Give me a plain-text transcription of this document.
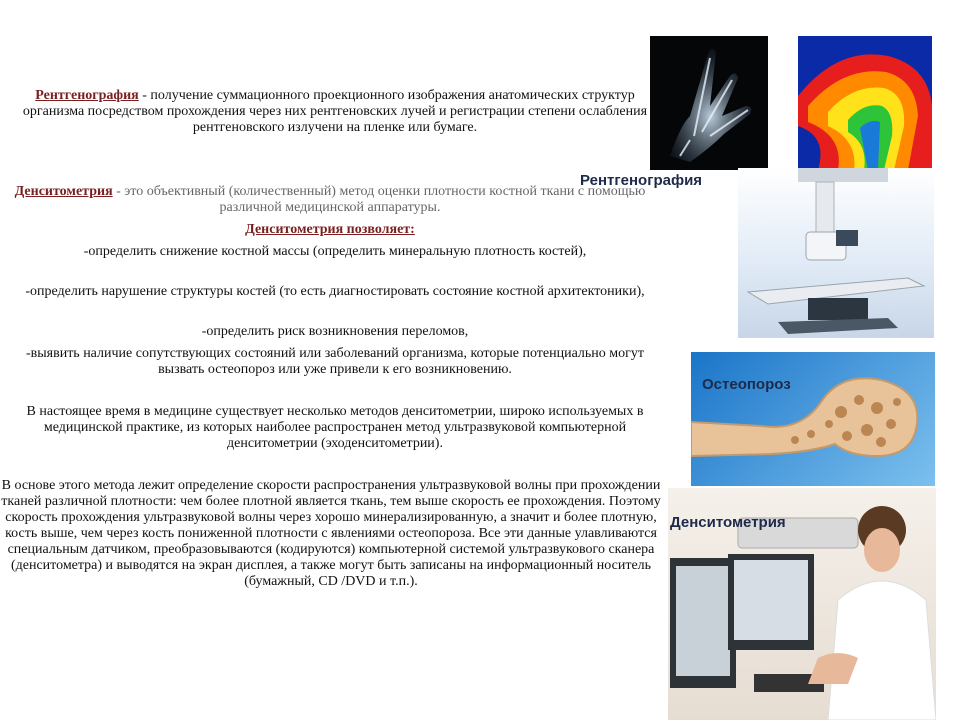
Рентгенография - получение суммационного проекционного изображения анатомических структур организма посредством прохождения через них рентгеновских лучей и регистрации степени ослабления рентгеновского излучени на пленке или бумаге.
Денситометрия - это объективный (количественный) метод оценки плотности костной ткани с помощью различной медицинской аппаратуры.
Денситометрия позволяет:
-определить снижение костной массы (определить минеральную плотность костей),
-определить нарушение структуры костей (то есть диагностировать состояние костной архитектоники),
-определить риск возникновения переломов,
-выявить наличие сопутствующих состояний или заболеваний организма, которые потенциально могут вызвать остеопороз или уже привели к его возникновению.
В настоящее время в медицине существует несколько методов денситометрии, широко используемых в медицинской практике, из которых наиболее распространен метод ультразвуковой компьютерной денситометрии (эходенситометрии).
В основе этого метода лежит определение скорости распространения ультразвуковой волны при прохождении тканей различной плотности: чем более плотной является ткань, тем выше скорость ее прохождения. Поэтому скорость прохождения ультразвуковой волны через хорошо минерализированную, а значит и более плотную, кость выше, чем через кость пониженной плотности с явлениями остеопороза. Все эти данные улавливаются специальным датчиком, преобразовываются (кодируются) компьютерной системой ультразвукового сканера (денситометра) и выводятся на экран дисплея, а также могут быть записаны на информационный носитель (бумажный, CD /DVD и т.п.).
Рентгенография
Остеопороз
Денситометрия
